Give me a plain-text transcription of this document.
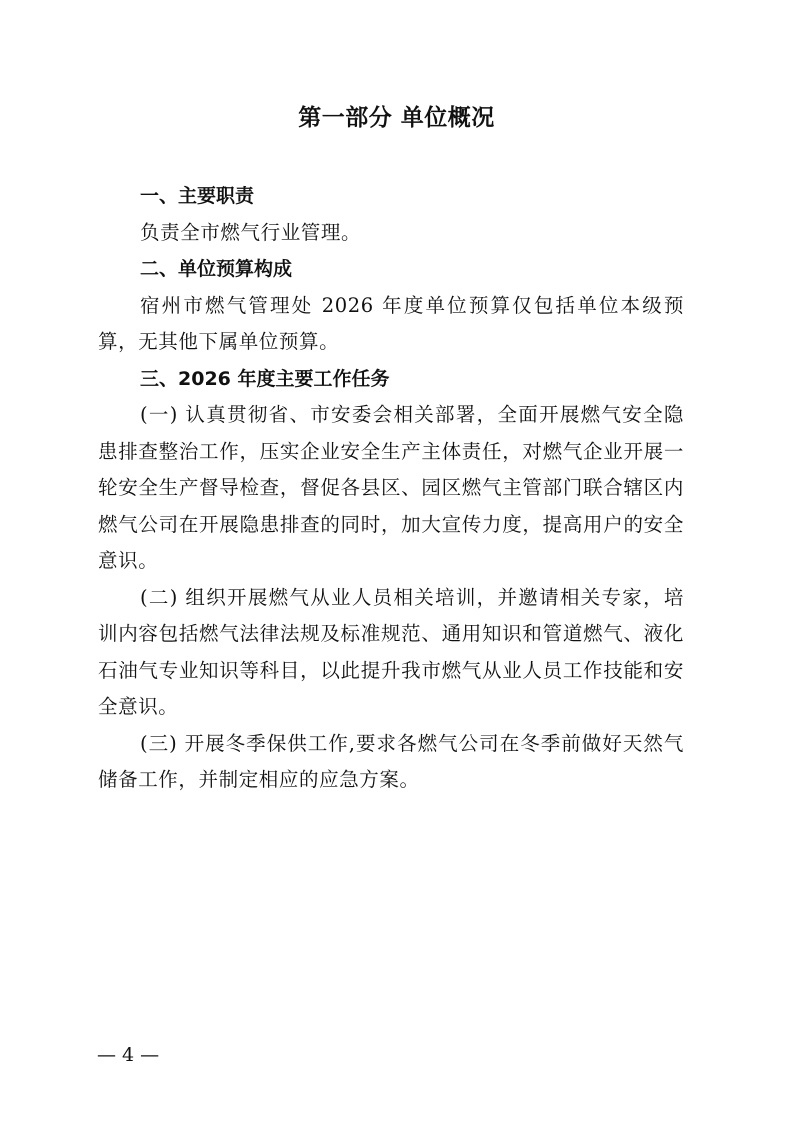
第一部分 单位概况

一、主要职责

负责全市燃气行业管理。

二、单位预算构成

宿州市燃气管理处 2026 年度单位预算仅包括单位本级预算，无其他下属单位预算。

三、2026 年度主要工作任务

(一) 认真贯彻省、市安委会相关部署，全面开展燃气安全隐患排查整治工作，压实企业安全生产主体责任，对燃气企业开展一轮安全生产督导检查，督促各县区、园区燃气主管部门联合辖区内燃气公司在开展隐患排查的同时，加大宣传力度，提高用户的安全意识。

(二) 组织开展燃气从业人员相关培训，并邀请相关专家，培训内容包括燃气法律法规及标准规范、通用知识和管道燃气、液化石油气专业知识等科目，以此提升我市燃气从业人员工作技能和安全意识。

(三) 开展冬季保供工作,要求各燃气公司在冬季前做好天然气储备工作，并制定相应的应急方案。

— 4 —
